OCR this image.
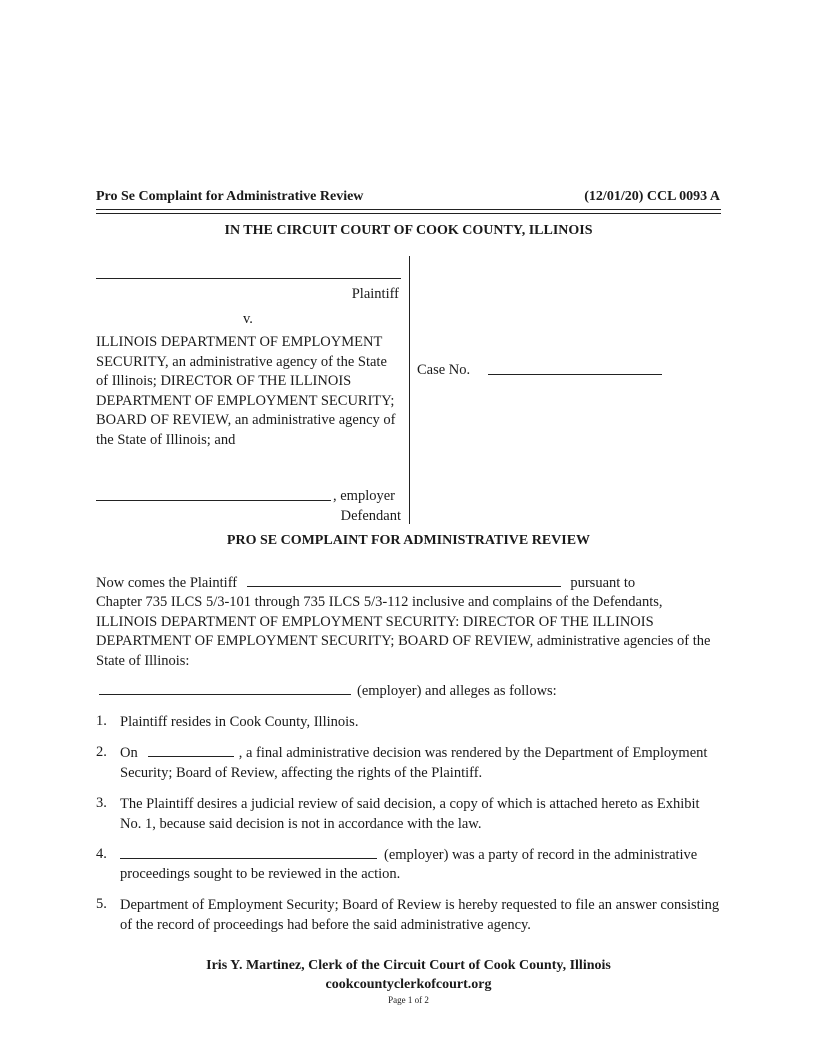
Pro Se Complaint for Administrative Review	(12/01/20) CCL 0093 A
IN THE CIRCUIT COURT OF COOK COUNTY, ILLINOIS
Plaintiff
v.
ILLINOIS DEPARTMENT OF EMPLOYMENT SECURITY, an administrative agency of the State of Illinois; DIRECTOR OF THE ILLINOIS DEPARTMENT OF EMPLOYMENT SECURITY; BOARD OF REVIEW, an administrative agency of the State of Illinois; and
, employer
Defendant
Case No.
PRO SE COMPLAINT FOR ADMINISTRATIVE REVIEW
Now comes the Plaintiff	pursuant to
Chapter 735 ILCS 5/3-101 through 735 ILCS 5/3-112 inclusive and complains of the Defendants, ILLINOIS DEPARTMENT OF EMPLOYMENT SECURITY: DIRECTOR OF THE ILLINOIS DEPARTMENT OF EMPLOYMENT SECURITY; BOARD OF REVIEW, administrative agencies of the State of Illinois:
(employer) and alleges as follows:
1. Plaintiff resides in Cook County, Illinois.
2. On	, a final administrative decision was rendered by the Department of Employment Security; Board of Review, affecting the rights of the Plaintiff.
3. The Plaintiff desires a judicial review of said decision, a copy of which is attached hereto as Exhibit No. 1, because said decision is not in accordance with the law.
4.	(employer) was a party of record in the administrative
proceedings sought to be reviewed in the action.
5. Department of Employment Security; Board of Review is hereby requested to file an answer consisting of the record of proceedings had before the said administrative agency.
Iris Y. Martinez, Clerk of the Circuit Court of Cook County, Illinois
cookcountyclerkofcourt.org
Page 1 of 2
